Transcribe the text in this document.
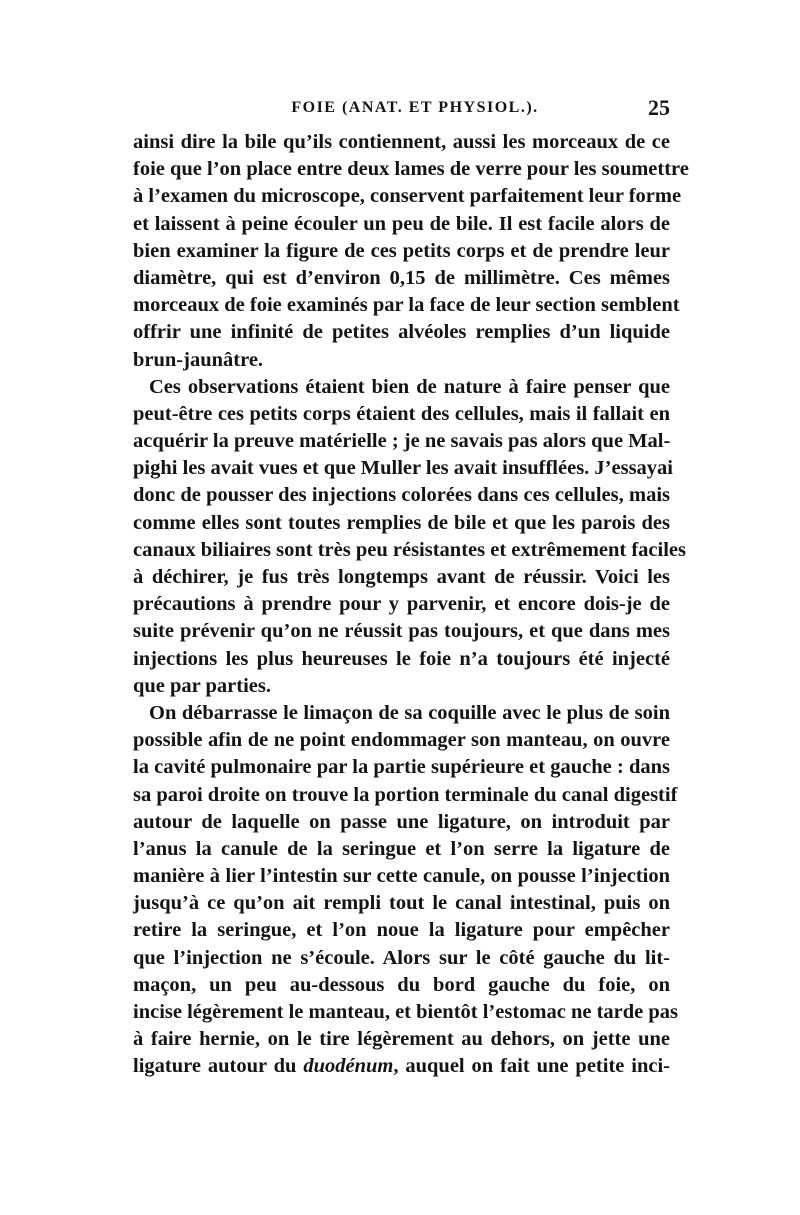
FOIE (ANAT. ET PHYSIOL.).	25
ainsi dire la bile qu’ils contiennent, aussi les morceaux de ce
foie que l’on place entre deux lames de verre pour les soumettre
à l’examen du microscope, conservent parfaitement leur forme
et laissent à peine écouler un peu de bile. Il est facile alors de
bien examiner la figure de ces petits corps et de prendre leur
diamètre, qui est d’environ 0,15 de millimètre. Ces mêmes
morceaux de foie examinés par la face de leur section semblent
offrir une infinité de petites alvéoles remplies d’un liquide
brun-jaunâtre.
Ces observations étaient bien de nature à faire penser que
peut-être ces petits corps étaient des cellules, mais il fallait en
acquérir la preuve matérielle ; je ne savais pas alors que Mal-
pighi les avait vues et que Muller les avait insufflées. J’essayai
donc de pousser des injections colorées dans ces cellules, mais
comme elles sont toutes remplies de bile et que les parois des
canaux biliaires sont très peu résistantes et extrêmement faciles
à déchirer, je fus très longtemps avant de réussir. Voici les
précautions à prendre pour y parvenir, et encore dois-je de
suite prévenir qu’on ne réussit pas toujours, et que dans mes
injections les plus heureuses le foie n’a toujours été injecté
que par parties.
On débarrasse le limaçon de sa coquille avec le plus de soin
possible afin de ne point endommager son manteau, on ouvre
la cavité pulmonaire par la partie supérieure et gauche : dans
sa paroi droite on trouve la portion terminale du canal digestif
autour de laquelle on passe une ligature, on introduit par
l’anus la canule de la seringue et l’on serre la ligature de
manière à lier l’intestin sur cette canule, on pousse l’injection
jusqu’à ce qu’on ait rempli tout le canal intestinal, puis on
retire la seringue, et l’on noue la ligature pour empêcher
que l’injection ne s’écoule. Alors sur le côté gauche du lit-
maçon, un peu au-dessous du bord gauche du foie, on
incise légèrement le manteau, et bientôt l’estomac ne tarde pas
à faire hernie, on le tire légèrement au dehors, on jette une
ligature autour du duodénum, auquel on fait une petite inci-
